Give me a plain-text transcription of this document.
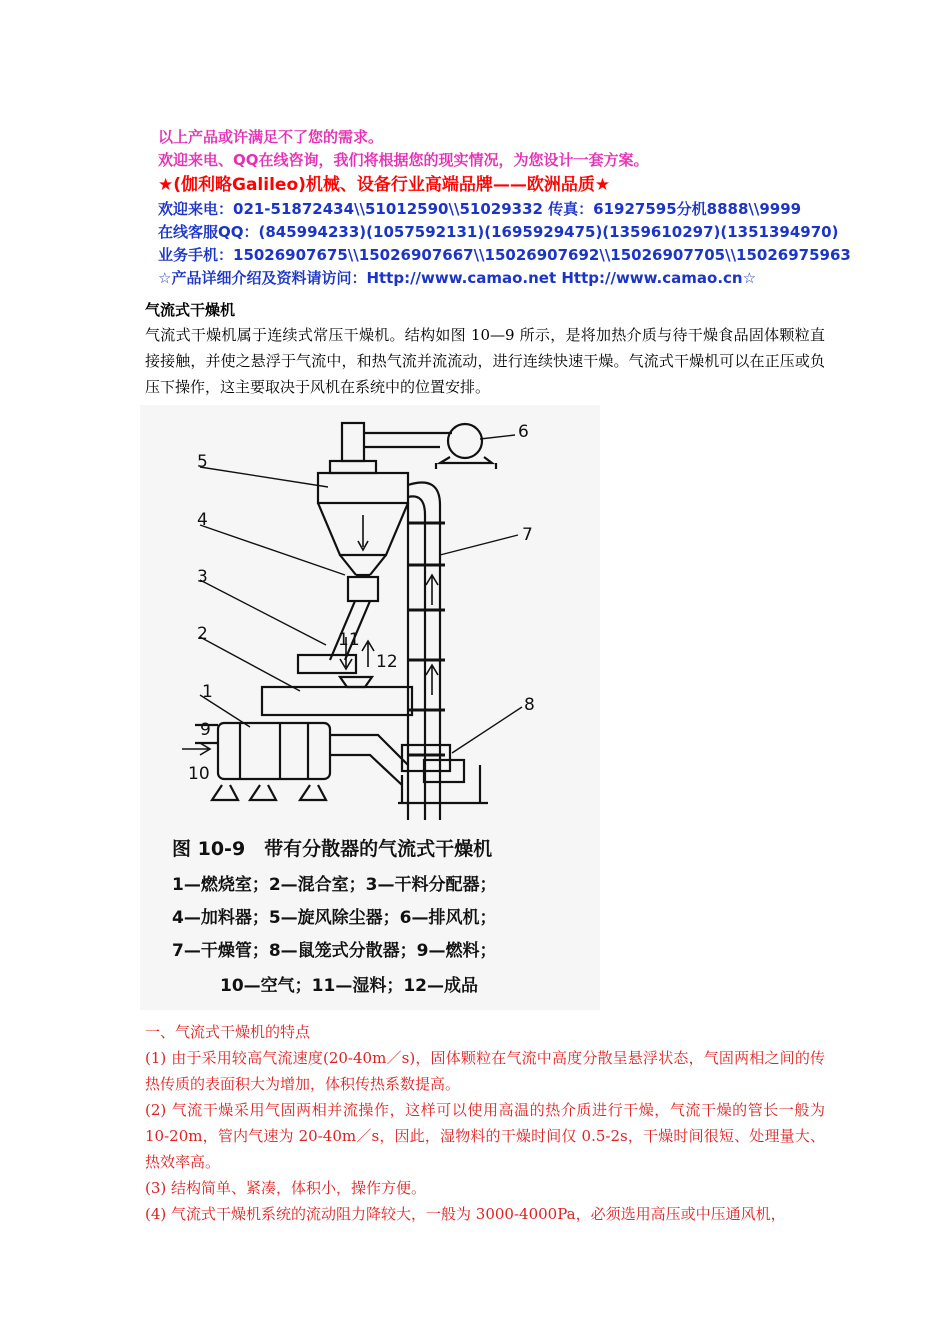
以上产品或许满足不了您的需求。
欢迎来电、QQ在线咨询，我们将根据您的现实情况，为您设计一套方案。
★(伽利略Galileo)机械、设备行业高端品牌——欧洲品质★
欢迎来电：021-51872434\\51012590\\51029332 传真：61927595分机8888\\9999
在线客服QQ：(845994233)(1057592131)(1695929475)(1359610297)(1351394970)
业务手机：15026907675\\15026907667\\15026907692\\15026907705\\15026975963
☆产品详细介绍及资料请访问：Http://www.camao.net Http://www.camao.cn☆
气流式干燥机
气流式干燥机属于连续式常压干燥机。结构如图 10—9 所示，是将加热介质与待干燥食品固体颗粒直接接触，并使之悬浮于气流中，和热气流并流流动，进行连续快速干燥。气流式干燥机可以在正压或负压下操作，这主要取决于风机在系统中的位置安排。
5
4
3
2
1
9
10
11
12
6
7
8
图 10-9　带有分散器的气流式干燥机
1—燃烧室；2—混合室；3—干料分配器；
4—加料器；5—旋风除尘器；6—排风机；
7—干燥管；8—鼠笼式分散器；9—燃料；
10—空气；11—湿料；12—成品

一、气流式干燥机的特点

(1) 由于采用较高气流速度(20-40m／s)，固体颗粒在气流中高度分散呈悬浮状态，气固两相之间的传热传质的表面积大为增加，体积传热系数提高。

(2) 气流干燥采用气固两相并流操作，这样可以使用高温的热介质进行干燥，气流干燥的管长一般为 10-20m，管内气速为 20-40m／s，因此，湿物料的干燥时间仅 0.5-2s，干燥时间很短、处理量大、热效率高。

(3) 结构简单、紧凑，体积小，操作方便。

(4) 气流式干燥机系统的流动阻力降较大，一般为 3000-4000Pa，必须选用高压或中压通风机，
